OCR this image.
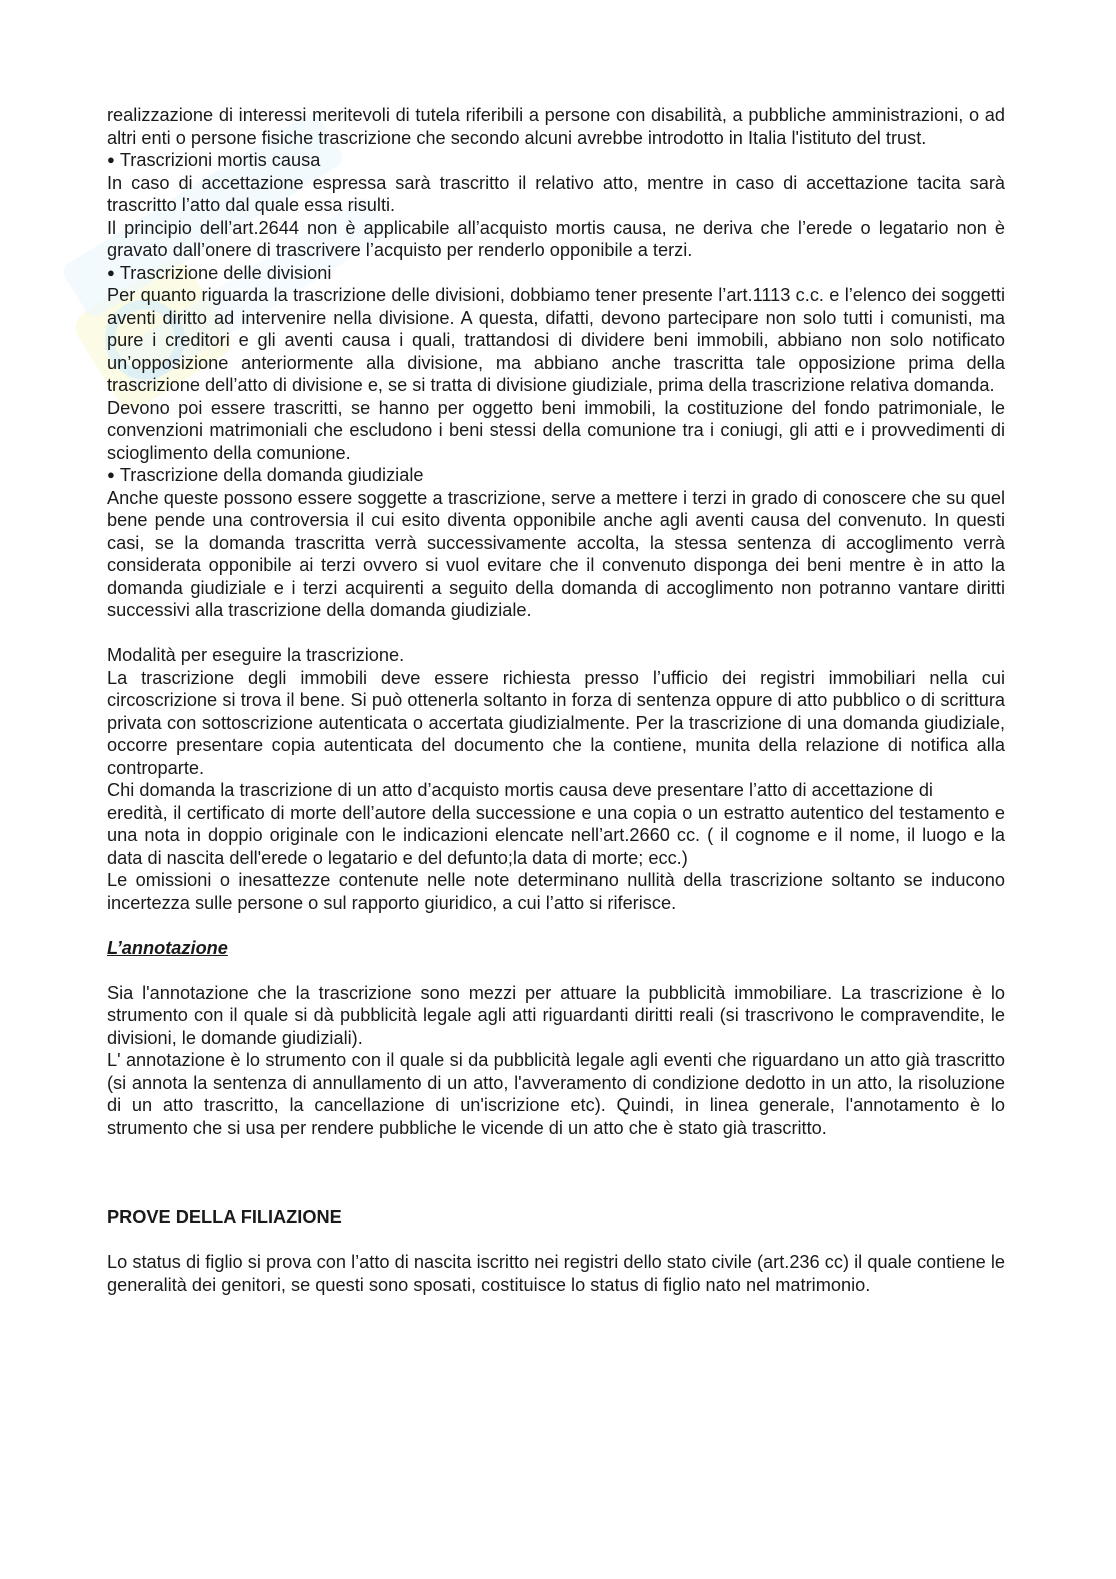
realizzazione di interessi meritevoli di tutela riferibili a persone con disabilità, a pubbliche amministrazioni, o ad altri enti o persone fisiche trascrizione che secondo alcuni avrebbe introdotto in Italia l'istituto del trust.

● Trascrizioni mortis causa

In caso di accettazione espressa sarà trascritto il relativo atto, mentre in caso di accettazione tacita sarà trascritto l’atto dal quale essa risulti.

Il principio dell’art.2644 non è applicabile all’acquisto mortis causa, ne deriva che l’erede o legatario non è gravato dall’onere di trascrivere l’acquisto per renderlo opponibile a terzi.

● Trascrizione delle divisioni

Per quanto riguarda la trascrizione delle divisioni, dobbiamo tener presente l’art.1113 c.c. e l’elenco dei soggetti aventi diritto ad intervenire nella divisione. A questa, difatti, devono partecipare non solo tutti i comunisti, ma pure i creditori e gli aventi causa i quali, trattandosi di dividere beni immobili, abbiano non solo notificato un’opposizione anteriormente alla divisione, ma abbiano anche trascritta tale opposizione prima della trascrizione dell’atto di divisione e, se si tratta di divisione giudiziale, prima della trascrizione relativa domanda.

Devono poi essere trascritti, se hanno per oggetto beni immobili, la costituzione del fondo patrimoniale, le convenzioni matrimoniali che escludono i beni stessi della comunione tra i coniugi, gli atti e i provvedimenti di scioglimento della comunione.

● Trascrizione della domanda giudiziale

Anche queste possono essere soggette a trascrizione, serve a mettere i terzi in grado di conoscere che su quel bene pende una controversia il cui esito diventa opponibile anche agli aventi causa del convenuto. In questi casi, se la domanda trascritta verrà successivamente accolta, la stessa sentenza di accoglimento verrà considerata opponibile ai terzi ovvero si vuol evitare che il convenuto disponga dei beni mentre è in atto la domanda giudiziale e i terzi acquirenti a seguito della domanda di accoglimento non potranno vantare diritti successivi alla trascrizione della domanda giudiziale.

Modalità per eseguire la trascrizione.

La trascrizione degli immobili deve essere richiesta presso l’ufficio dei registri immobiliari nella cui circoscrizione si trova il bene. Si può ottenerla soltanto in forza di sentenza oppure di atto pubblico o di scrittura privata con sottoscrizione autenticata o accertata giudizialmente. Per la trascrizione di una domanda giudiziale, occorre presentare copia autenticata del documento che la contiene, munita della relazione di notifica alla controparte.

Chi domanda la trascrizione di un atto d’acquisto mortis causa deve presentare l’atto di accettazione di

eredità, il certificato di morte dell’autore della successione e una copia o un estratto autentico del testamento e una nota in doppio originale con le indicazioni elencate nell’art.2660 cc. ( il cognome e il nome, il luogo e la data di nascita dell'erede o legatario e del defunto;la data di morte; ecc.)

Le omissioni o inesattezze contenute nelle note determinano nullità della trascrizione soltanto se inducono incertezza sulle persone o sul rapporto giuridico, a cui l’atto si riferisce.

L’annotazione

Sia l'annotazione che la trascrizione sono mezzi per attuare la pubblicità immobiliare. La trascrizione è lo strumento con il quale si dà pubblicità legale agli atti riguardanti diritti reali (si trascrivono le compravendite, le divisioni, le domande giudiziali).

L' annotazione è lo strumento con il quale si da pubblicità legale agli eventi che riguardano un atto già trascritto (si annota la sentenza di annullamento di un atto, l'avveramento di condizione dedotto in un atto, la risoluzione di un atto trascritto, la cancellazione di un'iscrizione etc). Quindi, in linea generale, l'annotamento è lo strumento che si usa per rendere pubbliche le vicende di un atto che è stato già trascritto.

PROVE DELLA FILIAZIONE

Lo status di figlio si prova con l’atto di nascita iscritto nei registri dello stato civile (art.236 cc) il quale contiene le generalità dei genitori, se questi sono sposati, costituisce lo status di figlio nato nel matrimonio.
